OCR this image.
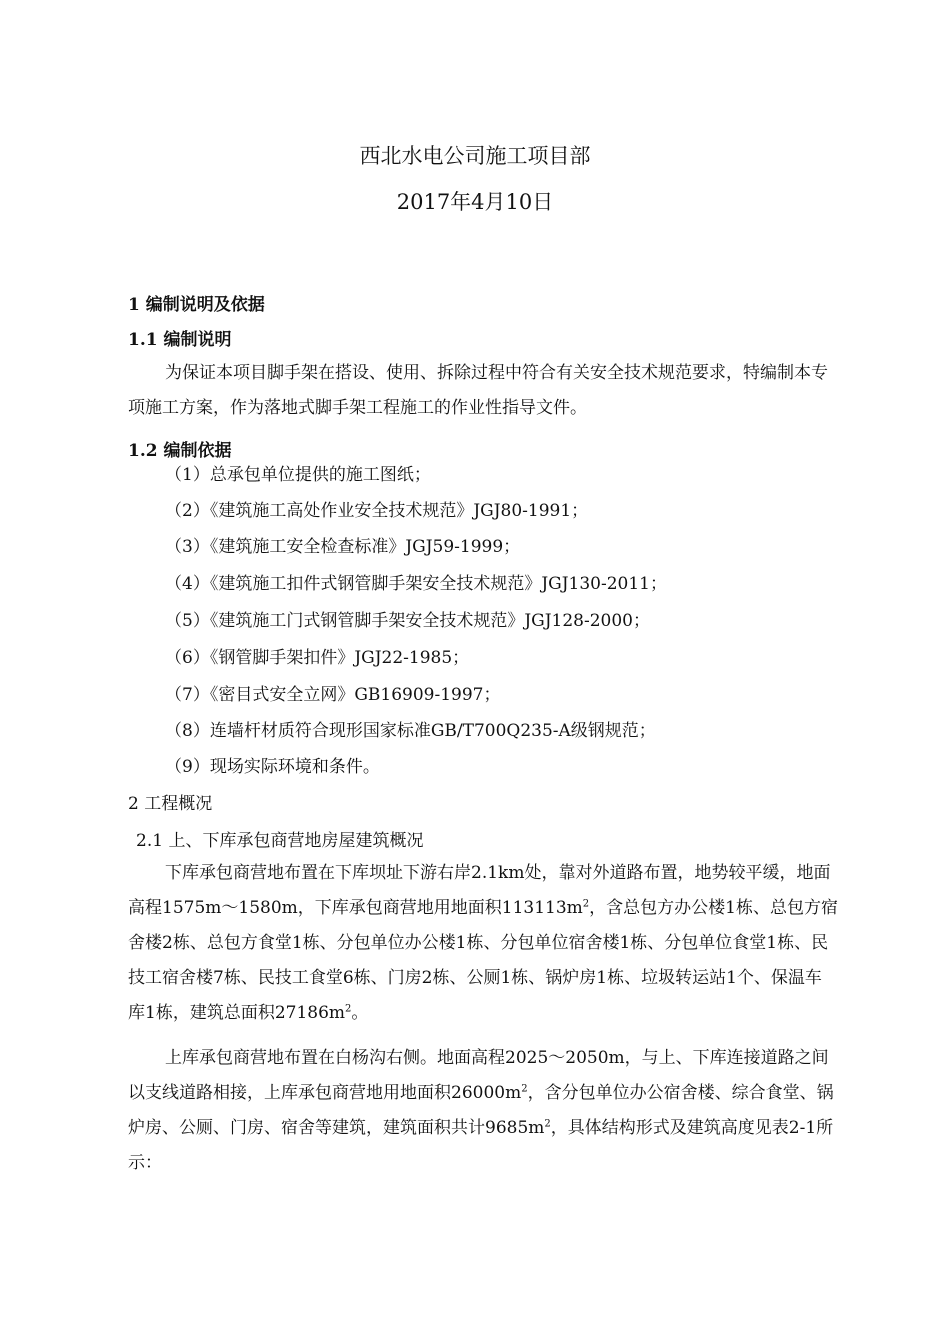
西北水电公司施工项目部
2017年4月10日
1 编制说明及依据
1.1 编制说明
为保证本项目脚手架在搭设、使用、拆除过程中符合有关安全技术规范要求，特编制本专项施工方案，作为落地式脚手架工程施工的作业性指导文件。
1.2 编制依据
（1）总承包单位提供的施工图纸；
（2）《建筑施工高处作业安全技术规范》JGJ80-1991；
（3）《建筑施工安全检查标准》JGJ59-1999；
（4）《建筑施工扣件式钢管脚手架安全技术规范》JGJ130-2011；
（5）《建筑施工门式钢管脚手架安全技术规范》JGJ128-2000；
（6）《钢管脚手架扣件》JGJ22-1985；
（7）《密目式安全立网》GB16909-1997；
（8）连墙杆材质符合现形国家标准GB/T700Q235-A级钢规范；
（9）现场实际环境和条件。
2 工程概况
2.1 上、下库承包商营地房屋建筑概况
下库承包商营地布置在下库坝址下游右岸2.1km处，靠对外道路布置，地势较平缓，地面高程1575m～1580m，下库承包商营地用地面积$113113m^2$，含总包方办公楼1栋、总包方宿舍楼2栋、总包方食堂1栋、分包单位办公楼1栋、分包单位宿舍楼1栋、分包单位食堂1栋、民技工宿舍楼7栋、民技工食堂6栋、门房2栋、公厕1栋、锅炉房1栋、垃圾转运站1个、保温车库1栋，建筑总面积$27186m^2$。
上库承包商营地布置在白杨沟右侧。地面高程2025～2050m，与上、下库连接道路之间以支线道路相接，上库承包商营地用地面积$26000m^2$，含分包单位办公宿舍楼、综合食堂、锅炉房、公厕、门房、宿舍等建筑，建筑面积共计$9685m^2$，具体结构形式及建筑高度见表2-1所示：
